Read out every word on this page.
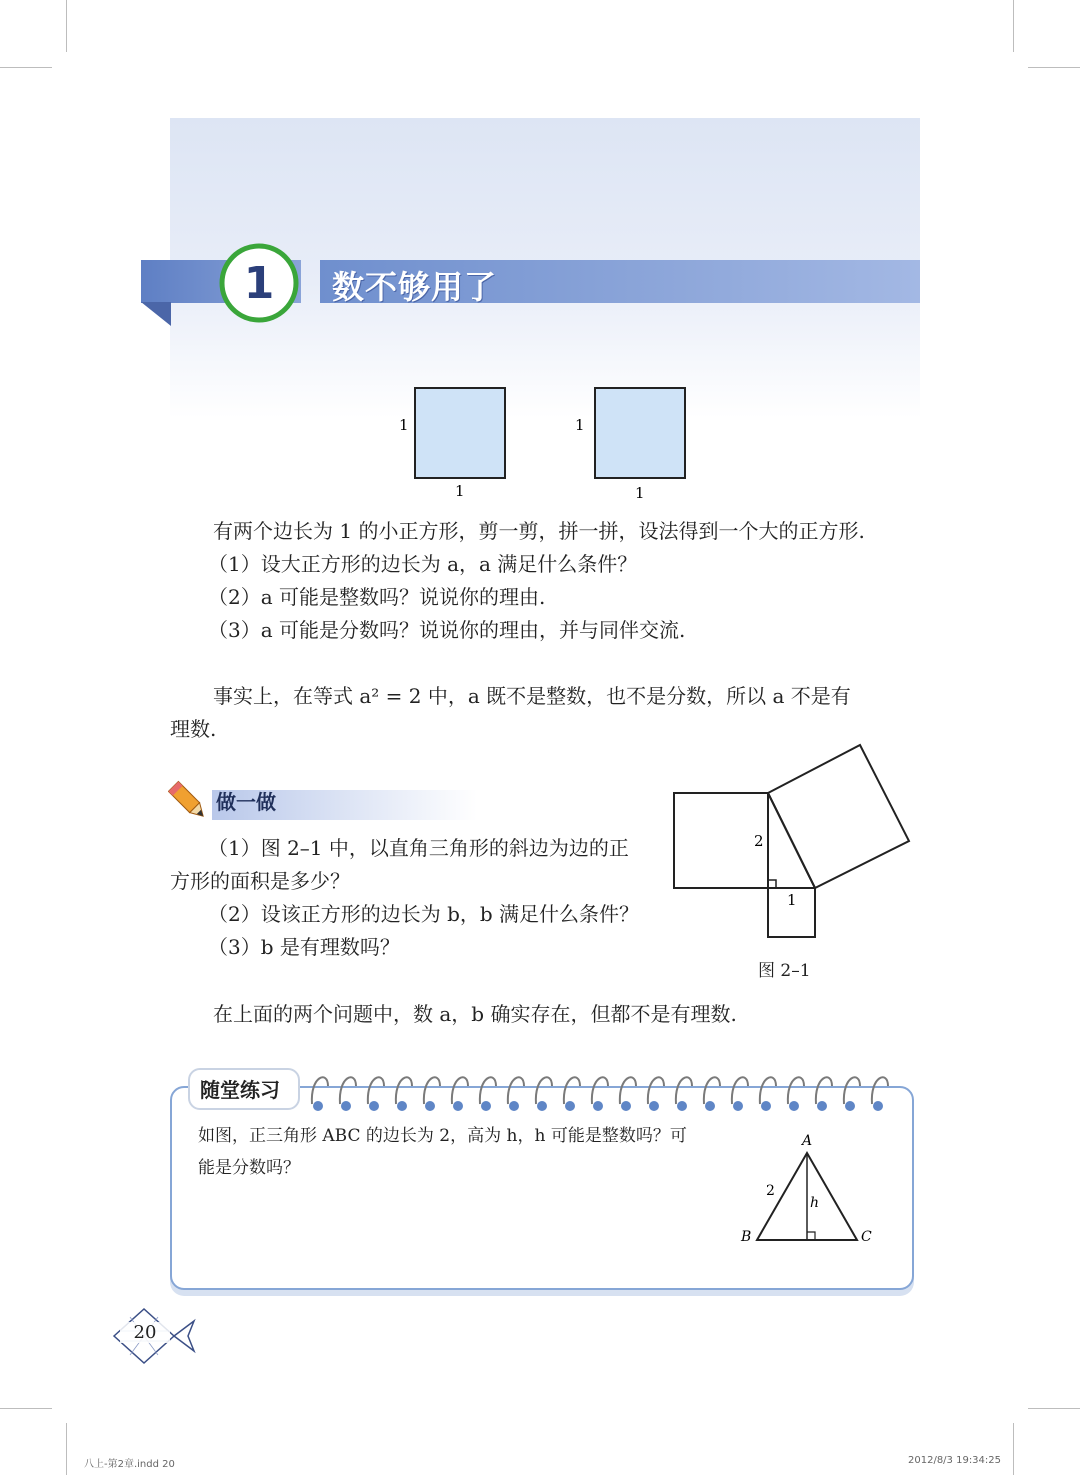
1 数不够用了
1
1
1
1
有两个边长为 1 的小正方形，剪一剪，拼一拼，设法得到一个大的正方形.
（1）设大正方形的边长为 a，a 满足什么条件？
（2）a 可能是整数吗？说说你的理由.
（3）a 可能是分数吗？说说你的理由，并与同伴交流.
事实上，在等式 a² = 2 中，a 既不是整数，也不是分数，所以 a 不是有
理数.
做一做
（1）图 2–1 中，以直角三角形的斜边为边的正
方形的面积是多少？
（2）设该正方形的边长为 b，b 满足什么条件？
（3）b 是有理数吗？
2
1
图 2–1
在上面的两个问题中，数 a，b 确实存在，但都不是有理数.
随堂练习
如图，正三角形 ABC 的边长为 2，高为 h，h 可能是整数吗？可
能是分数吗？
A
B	C
2
h
20
八上-第2章.indd 20	2012/8/3 19:34:25
